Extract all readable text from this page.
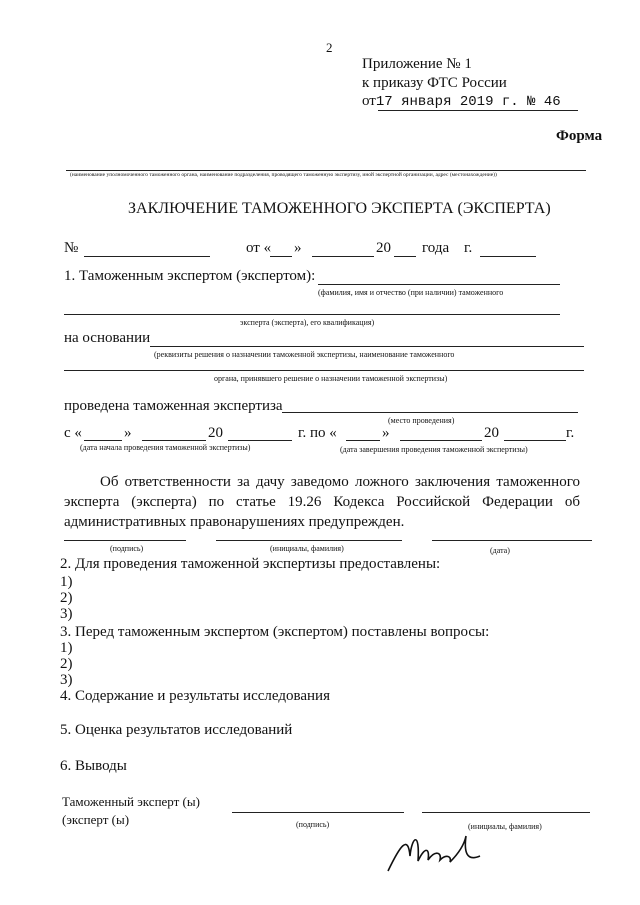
2
Приложение № 1
к приказу ФТС России
от17 января 2019 г. № 46
Форма
(наименование уполномоченного таможенного органа, наименование подразделения, проводящего таможенную экспертизу, иной экспертной организации, адрес (местонахождение))
ЗАКЛЮЧЕНИЕ ТАМОЖЕННОГО ЭКСПЕРТА (ЭКСПЕРТА)
№	от « »	20 года г.
1. Таможенным экспертом (экспертом):
(фамилия, имя и отчество (при наличии) таможенного
эксперта (эксперта), его квалификация)
на основании
(реквизиты решения о назначении таможенной экспертизы, наименование таможенного
органа, принявшего решение о назначении таможенной экспертизы)
проведена таможенная экспертиза
(место проведения)
с «	»	20	г. по «	»	20	г.
(дата начала проведения таможенной экспертизы)	(дата завершения проведения таможенной экспертизы)
Об ответственности за дачу заведомо ложного заключения таможенного эксперта (эксперта) по статье 19.26 Кодекса Российской Федерации об административных правонарушениях предупрежден.
(подпись)	(инициалы, фамилия)	(дата)
2. Для проведения таможенной экспертизы предоставлены:
1)
2)
3)
3. Перед таможенным экспертом (экспертом) поставлены вопросы:
1)
2)
3)
4. Содержание и результаты исследования
5. Оценка результатов исследований
6. Выводы
Таможенный эксперт (ы)
(эксперт (ы)	(подпись)	(инициалы, фамилия)
